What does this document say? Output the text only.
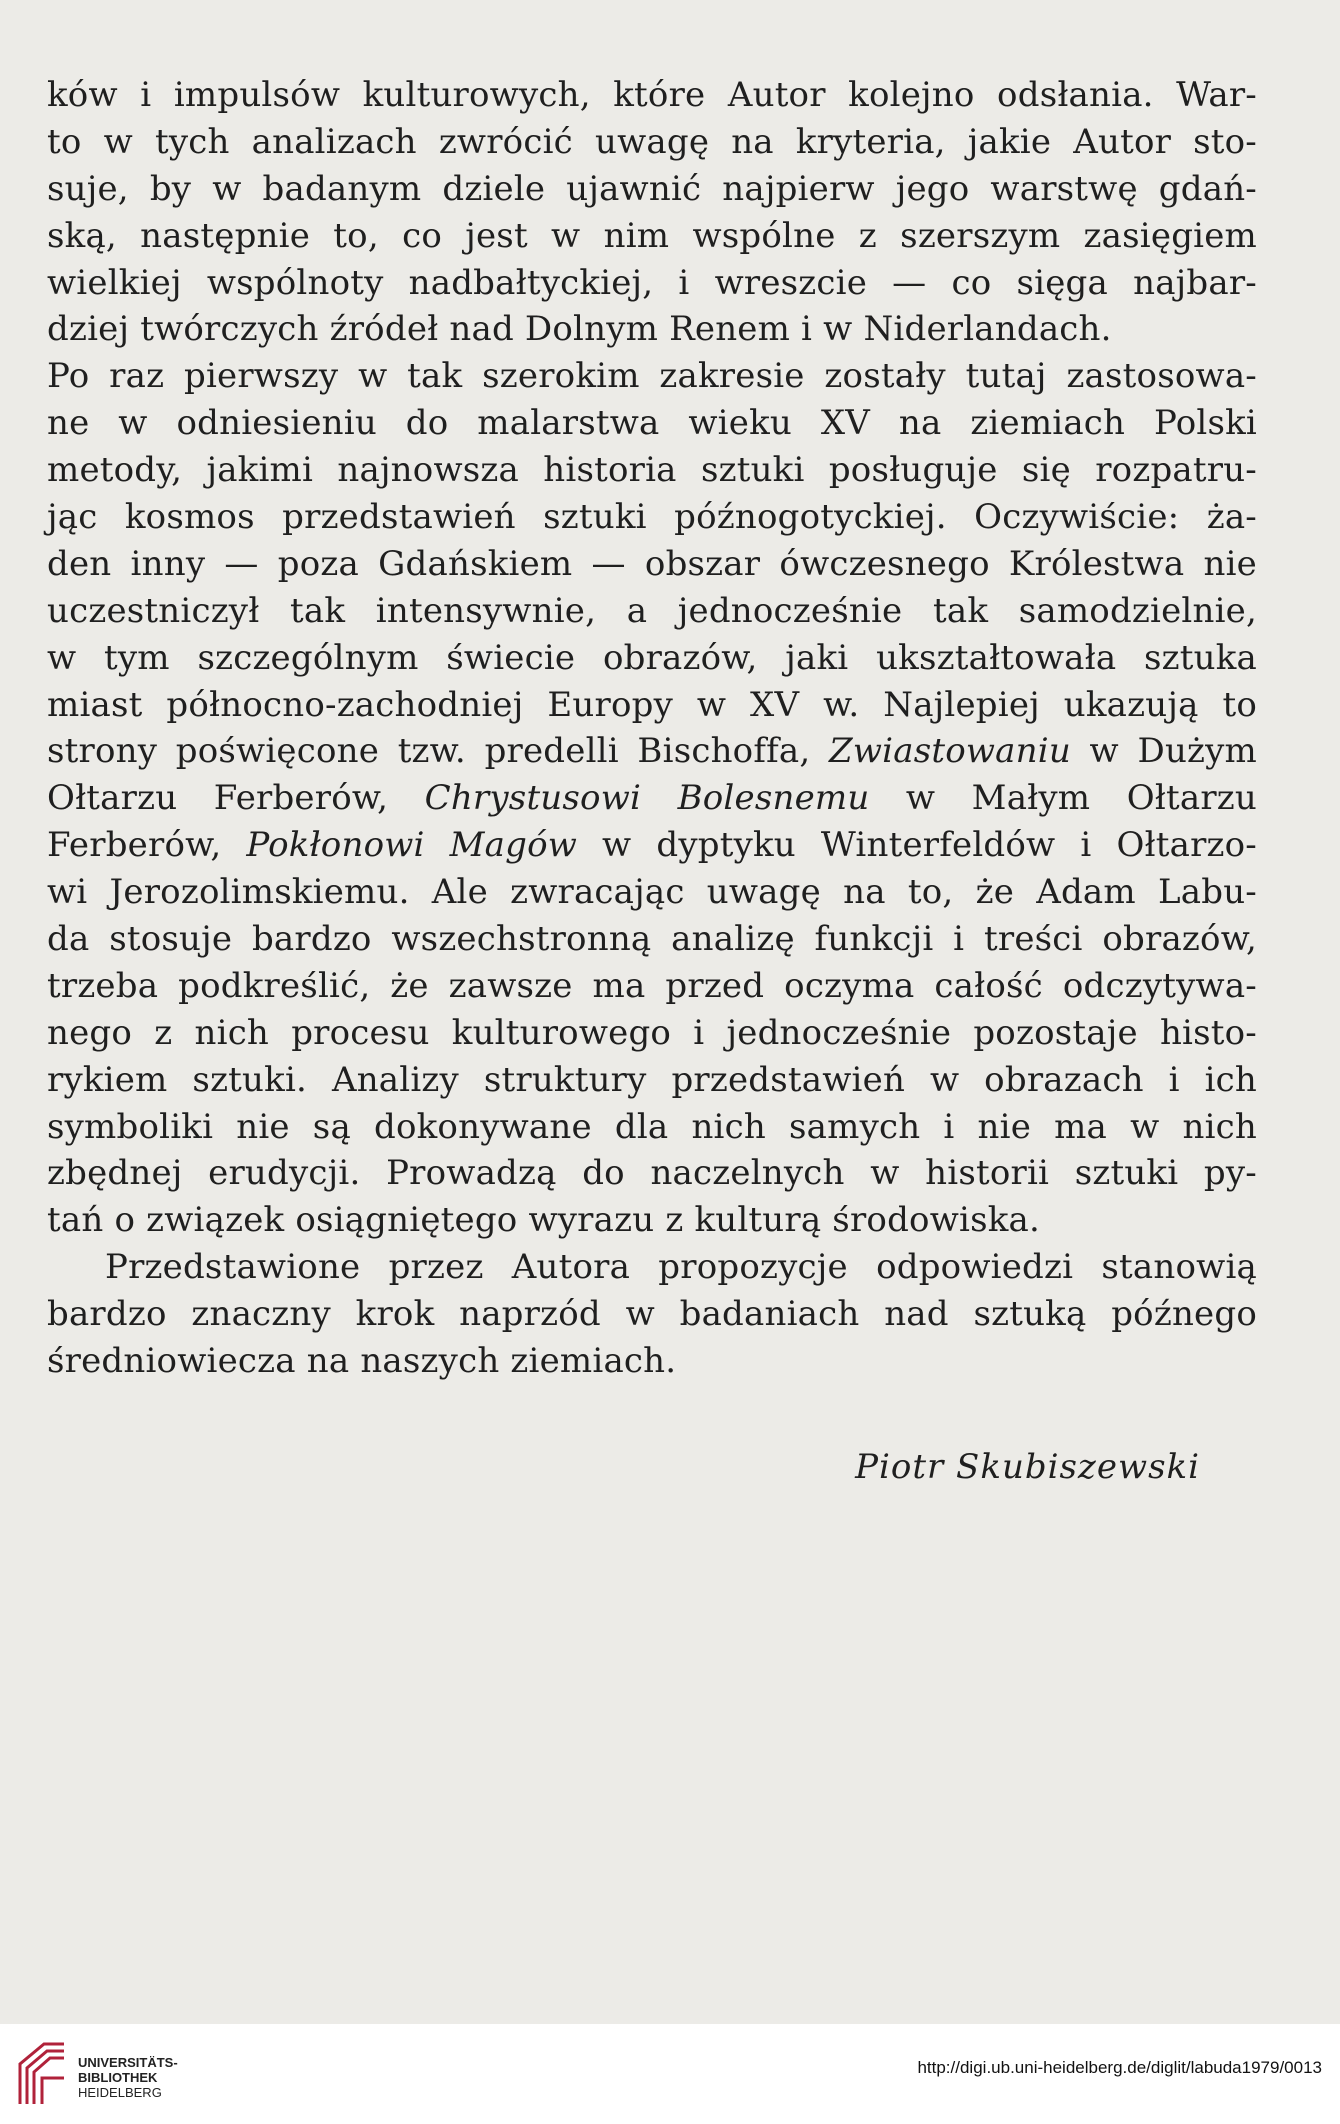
ków i impulsów kulturowych, które Autor kolejno odsłania. War-
to w tych analizach zwrócić uwagę na kryteria, jakie Autor sto-
suje, by w badanym dziele ujawnić najpierw jego warstwę gdań-
ską, następnie to, co jest w nim wspólne z szerszym zasięgiem
wielkiej wspólnoty nadbałtyckiej, i wreszcie — co sięga najbar-
dziej twórczych źródeł nad Dolnym Renem i w Niderlandach.
Po raz pierwszy w tak szerokim zakresie zostały tutaj zastosowa-
ne w odniesieniu do malarstwa wieku XV na ziemiach Polski
metody, jakimi najnowsza historia sztuki posługuje się rozpatru-
jąc kosmos przedstawień sztuki późnogotyckiej. Oczywiście: ża-
den inny — poza Gdańskiem — obszar ówczesnego Królestwa nie
uczestniczył tak intensywnie, a jednocześnie tak samodzielnie,
w tym szczególnym świecie obrazów, jaki ukształtowała sztuka
miast północno-zachodniej Europy w XV w. Najlepiej ukazują to
strony poświęcone tzw. predelli Bischoffa, Zwiastowaniu w Dużym
Ołtarzu Ferberów, Chrystusowi Bolesnemu w Małym Ołtarzu
Ferberów, Pokłonowi Magów w dyptyku Winterfeldów i Ołtarzo-
wi Jerozolimskiemu. Ale zwracając uwagę na to, że Adam Labu-
da stosuje bardzo wszechstronną analizę funkcji i treści obrazów,
trzeba podkreślić, że zawsze ma przed oczyma całość odczytywa-
nego z nich procesu kulturowego i jednocześnie pozostaje histo-
rykiem sztuki. Analizy struktury przedstawień w obrazach i ich
symboliki nie są dokonywane dla nich samych i nie ma w nich
zbędnej erudycji. Prowadzą do naczelnych w historii sztuki py-
tań o związek osiągniętego wyrazu z kulturą środowiska.
Przedstawione przez Autora propozycje odpowiedzi stanowią
bardzo znaczny krok naprzód w badaniach nad sztuką późnego
średniowiecza na naszych ziemiach.
Piotr Skubiszewski
UNIVERSITÄTS-
BIBLIOTHEK
HEIDELBERG
http://digi.ub.uni-heidelberg.de/diglit/labuda1979/0013
